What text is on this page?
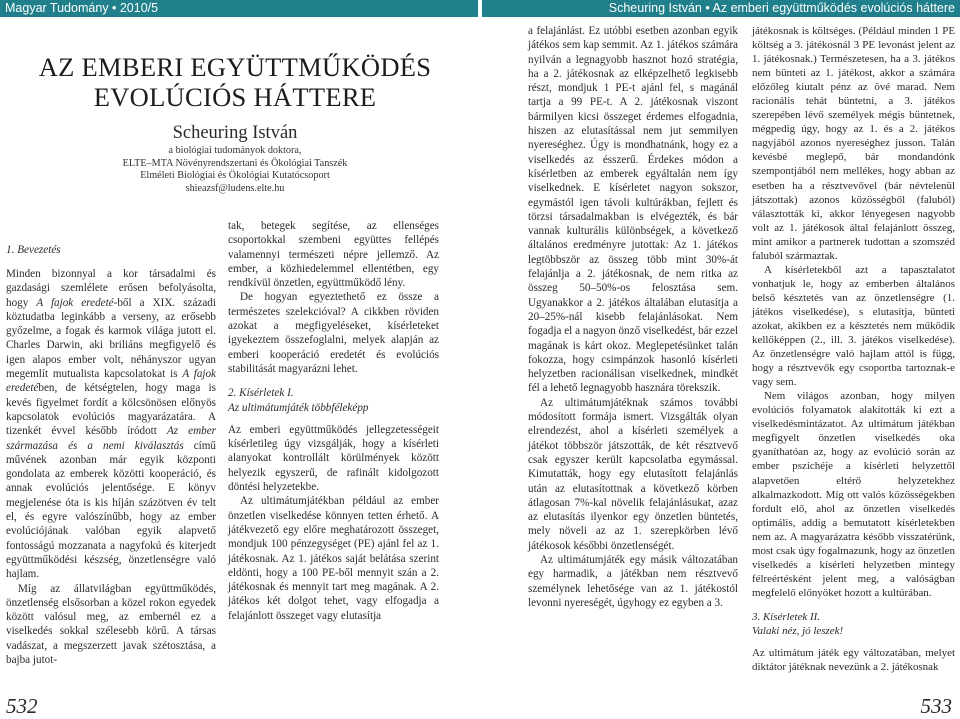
Magyar Tudomány • 2010/5	Scheuring István • Az emberi együttműködés evolúciós háttere
AZ EMBERI EGYÜTTMŰKÖDÉS
EVOLÚCIÓS HÁTTERE
Scheuring István
a biológiai tudományok doktora,
ELTE–MTA Növényrendszertani és Ökológiai Tanszék
Elméleti Biológiai és Ökológiai Kutatócsoport
shieazsf@ludens.elte.hu
1. Bevezetés

Minden bizonnyal a kor társadalmi és gazdasági szemlélete erősen befolyásolta, hogy A fajok eredeté-ből a XIX. századi köztudatba leginkább a verseny, az erősebb győzelme, a fogak és karmok világa jutott el. Charles Darwin, aki briliáns megfigyelő és igen alapos ember volt, néhányszor ugyan megemlít mutualista kapcsolatokat is A fajok eredetében, de kétségtelen, hogy maga is kevés figyelmet fordít a kölcsönösen előnyös kapcsolatok evolúciós magyarázatára. A tizenkét évvel később íródott Az ember származása és a nemi kiválasztás című művének azonban már egyik központi gondolata az emberek közötti kooperáció, és annak evolúciós jelentősége. E könyv megjelenése óta is kis híján százötven év telt el, és egyre valószínűbb, hogy az ember evolúciójának valóban egyik alapvető fontosságú mozzanata a nagyfokú és kiterjedt együttműködési készség, önzetlenségre való hajlam.

Míg az állatvilágban együttműködés, önzetlenség elsősorban a közel rokon egyedek között valósul meg, az embernél ez a viselkedés sokkal szélesebb körű. A társas vadászat, a megszerzett javak szétosztása, a bajba jutot-

tak, betegek segítése, az ellenséges csoportokkal szembeni együttes fellépés valamennyi természeti népre jellemző. Az ember, a közhiedelemmel ellentétben, egy rendkívül önzetlen, együttműködő lény.

De hogyan egyeztethető ez össze a természetes szelekcióval? A cikkben röviden azokat a megfigyeléseket, kísérleteket igyekeztem összefoglalni, melyek alapján az emberi kooperáció eredetét és evolúciós stabilitását magyarázni lehet.

2. Kísérletek I.

Az ultimátumjáték többféleképp

Az emberi együttműködés jellegzetességeit kísérletileg úgy vizsgálják, hogy a kísérleti alanyokat kontrollált körülmények között helyezik egyszerű, de rafinált kidolgozott döntési helyzetekbe.

Az ultimátumjátékban például az ember önzetlen viselkedése könnyen tetten érhető. A játékvezető egy előre meghatározott összeget, mondjuk 100 pénzegységet (PE) ajánl fel az 1. játékosnak. Az 1. játékos saját belátása szerint eldönti, hogy a 100 PE-ből mennyit szán a 2. játékosnak és mennyit tart meg magának. A 2. játékos két dolgot tehet, vagy elfogadja a felajánlott összeget vagy elutasítja

a felajánlást. Ez utóbbi esetben azonban egyik játékos sem kap semmit. Az 1. játékos számára nyilván a legnagyobb hasznot hozó stratégia, ha a 2. játékosnak az elképzelhető legkisebb részt, mondjuk 1 PE-t ajánl fel, s magánál tartja a 99 PE-t. A 2. játékosnak viszont bármilyen kicsi összeget érdemes elfogadnia, hiszen az elutasítással nem jut semmilyen nyereséghez. Úgy is mondhatnánk, hogy ez a viselkedés az ésszerű. Érdekes módon a kísérletben az emberek egyáltalán nem így viselkednek. E kísérletet nagyon sokszor, egymástól igen távoli kultúrákban, fejlett és törzsi társadalmakban is elvégezték, és bár vannak kulturális különbségek, a következő általános eredményre jutottak: Az 1. játékos legtöbbször az összeg több mint 30%-át felajánlja a 2. játékosnak, de nem ritka az összeg 50–50%-os felosztása sem. Ugyanakkor a 2. játékos általában elutasítja a 20–25%-nál kisebb felajánlásokat. Nem fogadja el a nagyon önző viselkedést, bár ezzel magának is kárt okoz. Meglepetésünket talán fokozza, hogy csimpánzok hasonló kísérleti helyzetben racionálisan viselkednek, mindkét fél a lehető legnagyobb hasznára törekszik.

Az ultimátumjátéknak számos további módosított formája ismert. Vizsgálták olyan elrendezést, ahol a kísérleti személyek a játékot többször játszották, de két résztvevő csak egyszer került kapcsolatba egymással. Kimutatták, hogy egy elutasított felajánlás után az elutasítottnak a következő körben átlagosan 7%-kal növelik felajánlásukat, azaz az elutasítás ilyenkor egy önzetlen büntetés, mely növeli az az 1. szerepkörben lévő játékosok későbbi önzetlenségét.

Az ultimátumjáték egy másik változatában egy harmadik, a játékban nem résztvevő személynek lehetősége van az 1. játékostól levonni nyereségét, úgyhogy ez egyben a 3.

játékosnak is költséges. (Például minden 1 PE költség a 3. játékosnál 3 PE levonást jelent az 1. játékosnak.) Természetesen, ha a 3. játékos nem bünteti az 1. játékost, akkor a számára előzőleg kiutalt pénz az övé marad. Nem racionális tehát büntetni, a 3. játékos szerepében lévő személyek mégis büntetnek, mégpedig úgy, hogy az 1. és a 2. játékos nagyjából azonos nyereséghez jusson. Talán kevésbé meglepő, bár mondandónk szempontjából nem mellékes, hogy abban az esetben ha a résztvevővel (bár névtelenül játszottak) azonos közösségből (faluból) választották ki, akkor lényegesen nagyobb volt az 1. játékosok által felajánlott összeg, mint amikor a partnerek tudottan a szomszéd faluból származtak.

A kísérletekből azt a tapasztalatot vonhatjuk le, hogy az emberben általános belső késztetés van az önzetlenségre (1. játékos viselkedése), s elutasítja, bünteti azokat, akikben ez a késztetés nem működik kellőképpen (2., ill. 3. játékos viselkedése). Az önzetlenségre való hajlam attól is függ, hogy a résztvevők egy csoportba tartoznak-e vagy sem.

Nem világos azonban, hogy milyen evolúciós folyamatok alakították ki ezt a viselkedésmintázatot. Az ultimátum játékban megfigyelt önzetlen viselkedés oka gyaníthatóan az, hogy az evolúció során az ember pszichéje a kísérleti helyzettől alapvetően eltérő helyzetekhez alkalmazkodott. Míg ott valós közösségekben fordult elő, ahol az önzetlen viselkedés optimális, addig a bemutatott kísérletekben nem az. A magyarázatra később visszatérünk, most csak úgy fogalmazunk, hogy az önzetlen viselkedés a kísérleti helyzetben mintegy félreértésként jelent meg, a valóságban megfelelő előnyöket hozott a kultúrában.

3. Kísérletek II.

Valaki néz, jó leszek!

Az ultimátum játék egy változatában, melyet diktátor játéknak nevezünk a 2. játékosnak

532	533
